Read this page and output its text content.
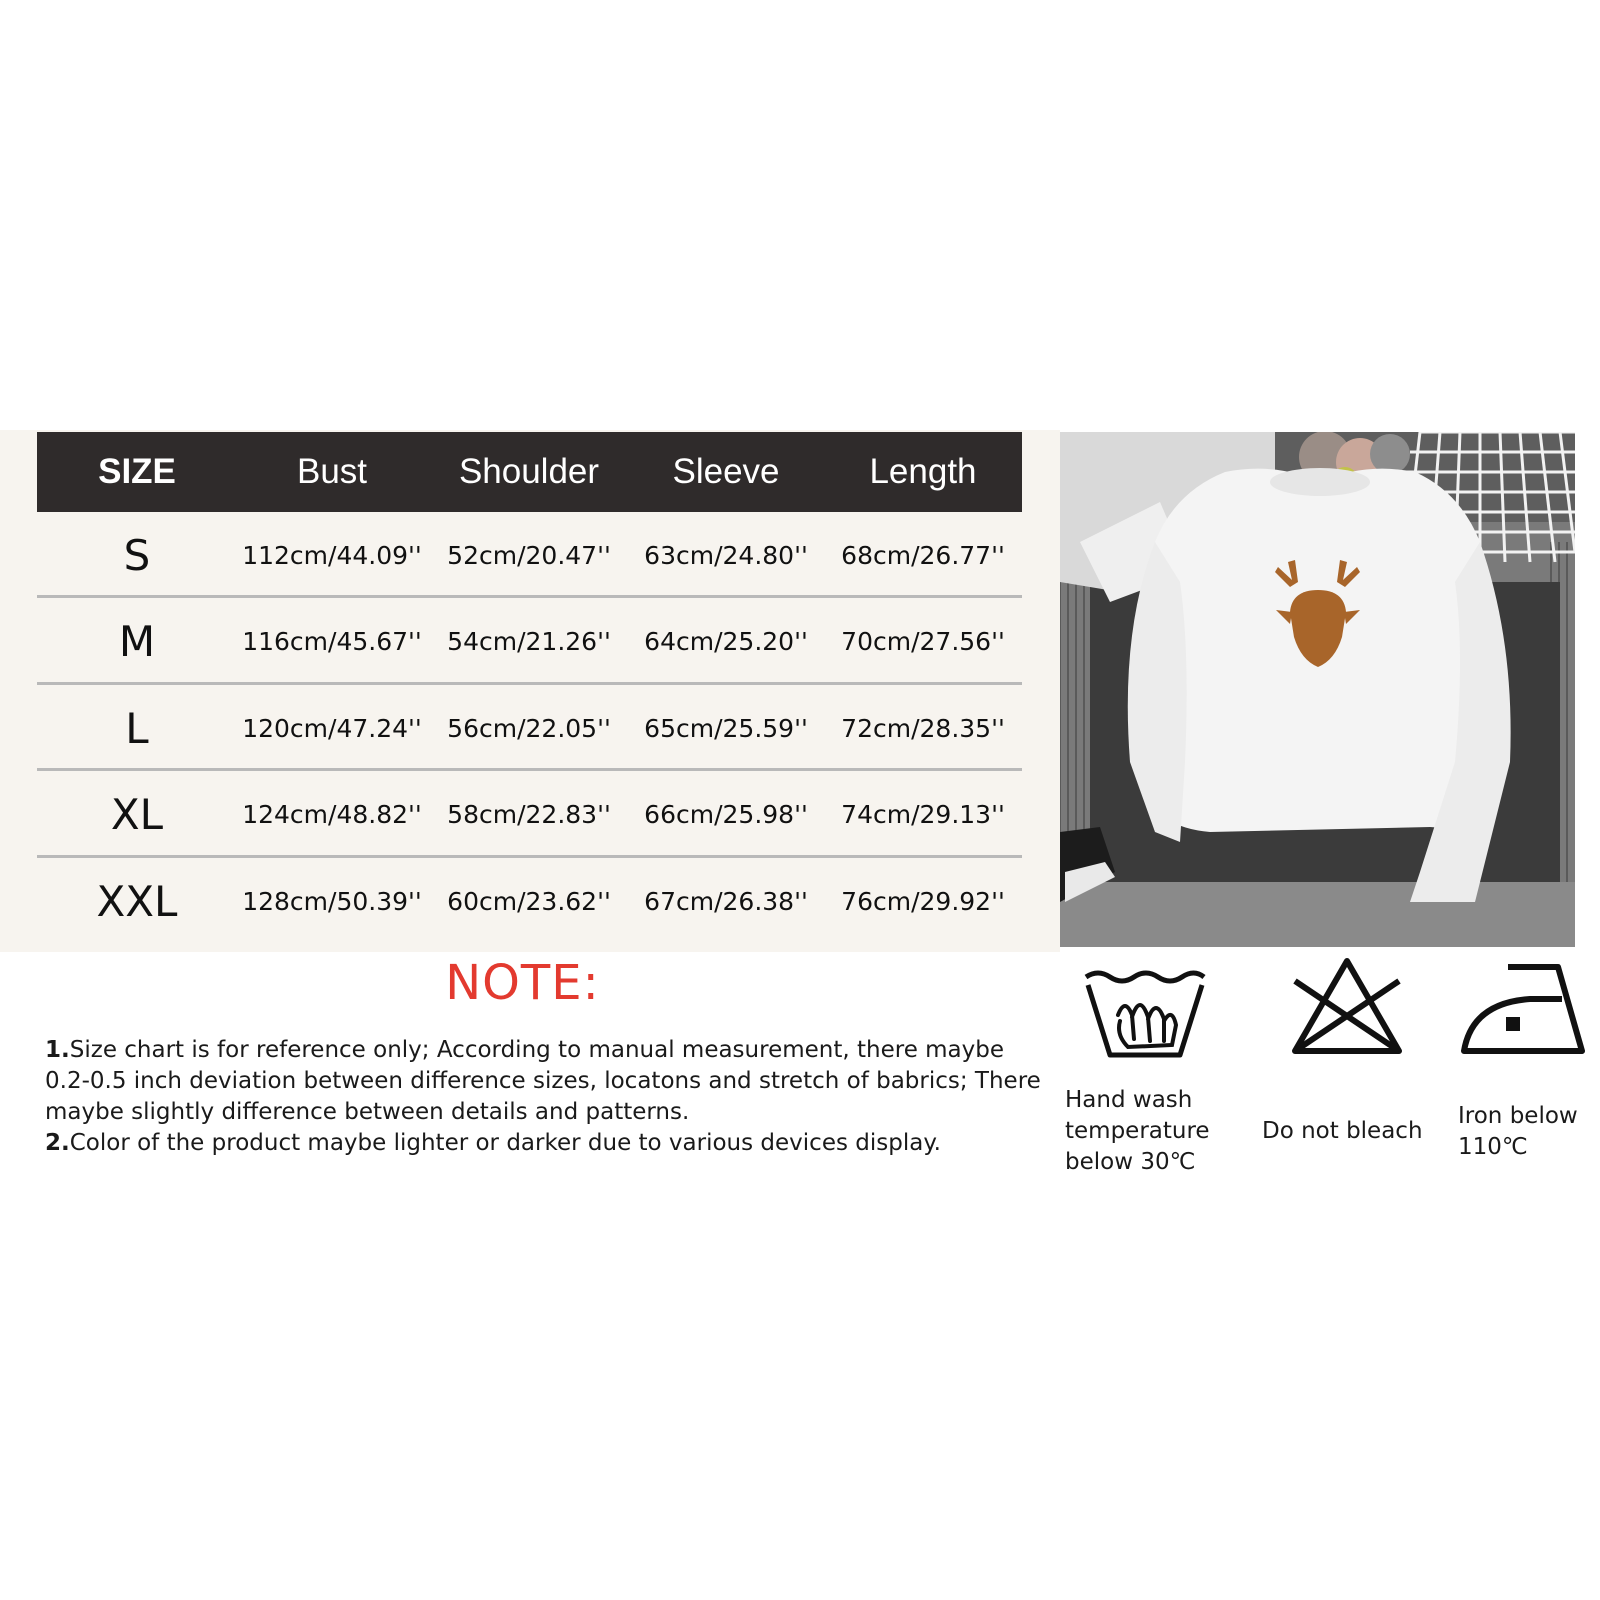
SIZE	Bust	Shoulder	Sleeve	Length
S	112cm/44.09''	52cm/20.47''	63cm/24.80''	68cm/26.77''
M	116cm/45.67''	54cm/21.26''	64cm/25.20''	70cm/27.56''
L	120cm/47.24''	56cm/22.05''	65cm/25.59''	72cm/28.35''
XL	124cm/48.82''	58cm/22.83''	66cm/25.98''	74cm/29.13''
XXL	128cm/50.39''	60cm/23.62''	67cm/26.38''	76cm/29.92''
NOTE:

1.Size chart is for reference only; According to manual measurement, there maybe 0.2-0.5 inch deviation between difference sizes, locatons and stretch of babrics; There maybe slightly difference between details and patterns.

2.Color of the product maybe lighter or darker due to various devices display.

Hand wash
temperature
below 30℃
Do not bleach
Iron below
110℃
